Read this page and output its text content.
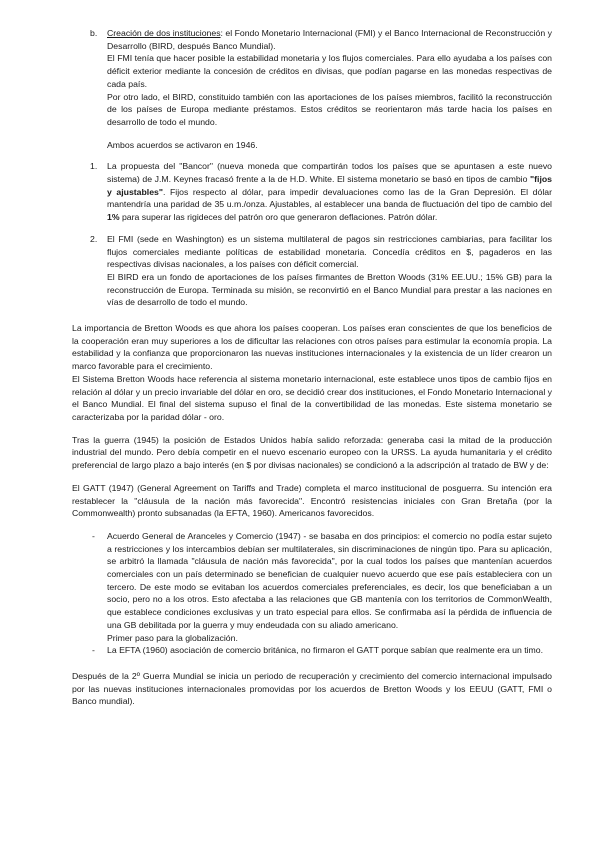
b. Creación de dos instituciones: el Fondo Monetario Internacional (FMI) y el Banco Internacional de Reconstrucción y Desarrollo (BIRD, después Banco Mundial).

El FMI tenía que hacer posible la estabilidad monetaria y los flujos comerciales. Para ello ayudaba a los países con déficit exterior mediante la concesión de créditos en divisas, que podían pagarse en las monedas respectivas de cada país.

Por otro lado, el BIRD, constituido también con las aportaciones de los países miembros, facilitó la reconstrucción de los países de Europa mediante préstamos. Estos créditos se reorientaron más tarde hacia los países en desarrollo de todo el mundo.

Ambos acuerdos se activaron en 1946.

1. La propuesta del "Bancor" (nueva moneda que compartirán todos los países que se apuntasen a este nuevo sistema) de J.M. Keynes fracasó frente a la de H.D. White. El sistema monetario se basó en tipos de cambio "fijos y ajustables". Fijos respecto al dólar, para impedir devaluaciones como las de la Gran Depresión. El dólar mantendría una paridad de 35 u.m./onza. Ajustables, al establecer una banda de fluctuación del tipo de cambio del 1% para superar las rigideces del patrón oro que generaron deflaciones. Patrón dólar.

2. El FMI (sede en Washington) es un sistema multilateral de pagos sin restricciones cambiarias, para facilitar los flujos comerciales mediante políticas de estabilidad monetaria. Concedía créditos en $, pagaderos en las respectivas divisas nacionales, a los países con déficit comercial.

El BIRD era un fondo de aportaciones de los países firmantes de Bretton Woods (31% EE.UU.; 15% GB) para la reconstrucción de Europa. Terminada su misión, se reconvirtió en el Banco Mundial para prestar a las naciones en vías de desarrollo de todo el mundo.

La importancia de Bretton Woods es que ahora los países cooperan. Los países eran conscientes de que los beneficios de la cooperación eran muy superiores a los de dificultar las relaciones con otros países para estimular la economía propia. La estabilidad y la confianza que proporcionaron las nuevas instituciones internacionales y la existencia de un líder crearon un marco favorable para el crecimiento.

El Sistema Bretton Woods hace referencia al sistema monetario internacional, este establece unos tipos de cambio fijos en relación al dólar y un precio invariable del dólar en oro, se decidió crear dos instituciones, el Fondo Monetario Internacional y el Banco Mundial. El final del sistema supuso el final de la convertibilidad de las monedas. Este sistema monetario se caracterizaba por la paridad dólar - oro.

Tras la guerra (1945) la posición de Estados Unidos había salido reforzada: generaba casi la mitad de la producción industrial del mundo. Pero debía competir en el nuevo escenario europeo con la URSS. La ayuda humanitaria y el crédito preferencial de largo plazo a bajo interés (en $ por divisas nacionales) se condicionó a la adscripción al tratado de BW y de:

El GATT (1947) (General Agreement on Tariffs and Trade) completa el marco institucional de posguerra. Su intención era restablecer la "cláusula de la nación más favorecida". Encontró resistencias iniciales con Gran Bretaña (por la Commonwealth) pronto subsanadas (la EFTA, 1960). Americanos favorecidos.

- Acuerdo General de Aranceles y Comercio (1947) - se basaba en dos principios: el comercio no podía estar sujeto a restricciones y los intercambios debían ser multilaterales, sin discriminaciones de ningún tipo. Para su aplicación, se arbitró la llamada "cláusula de nación más favorecida", por la cual todos los países que mantenían acuerdos comerciales con un país determinado se benefician de cualquier nuevo acuerdo que ese país estableciera con un tercero. De este modo se evitaban los acuerdos comerciales preferenciales, es decir, los que beneficiaban a un socio, pero no a los otros. Esto afectaba a las relaciones que GB mantenía con los territorios de CommonWealth, que establece condiciones exclusivas y un trato especial para ellos. Se confirmaba así la pérdida de influencia de una GB debilitada por la guerra y muy endeudada con su aliado americano.

Primer paso para la globalización.

- La EFTA (1960) asociación de comercio británica, no firmaron el GATT porque sabían que realmente era un timo.

Después de la 2º Guerra Mundial se inicia un periodo de recuperación y crecimiento del comercio internacional impulsado por las nuevas instituciones internacionales promovidas por los acuerdos de Bretton Woods y los EEUU (GATT, FMI o Banco mundial).
